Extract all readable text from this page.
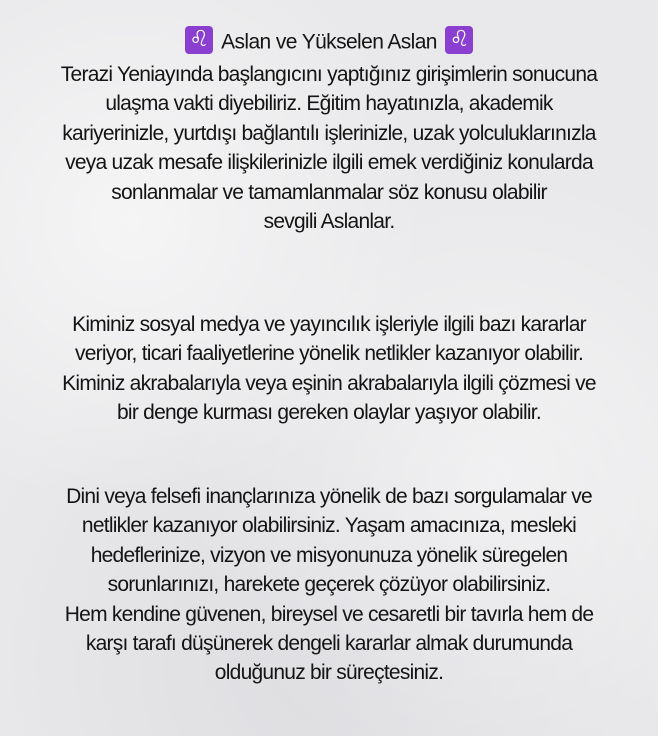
♌ Aslan ve Yükselen Aslan ♌
Terazi Yeniayında başlangıcını yaptığınız girişimlerin sonucuna
ulaşma vakti diyebiliriz. Eğitim hayatınızla, akademik
kariyerinizle, yurtdışı bağlantılı işlerinizle, uzak yolculuklarınızla
veya uzak mesafe ilişkilerinizle ilgili emek verdiğiniz konularda
sonlanmalar ve tamamlanmalar söz konusu olabilir
sevgili Aslanlar.
Kiminiz sosyal medya ve yayıncılık işleriyle ilgili bazı kararlar
veriyor, ticari faaliyetlerine yönelik netlikler kazanıyor olabilir.
Kiminiz akrabalarıyla veya eşinin akrabalarıyla ilgili çözmesi ve
bir denge kurması gereken olaylar yaşıyor olabilir.
Dini veya felsefi inançlarınıza yönelik de bazı sorgulamalar ve
netlikler kazanıyor olabilirsiniz. Yaşam amacınıza, mesleki
hedeflerinize, vizyon ve misyonunuza yönelik süregelen
sorunlarınızı, harekete geçerek çözüyor olabilirsiniz.
Hem kendine güvenen, bireysel ve cesaretli bir tavırla hem de
karşı tarafı düşünerek dengeli kararlar almak durumunda
olduğunuz bir süreçtesiniz.
